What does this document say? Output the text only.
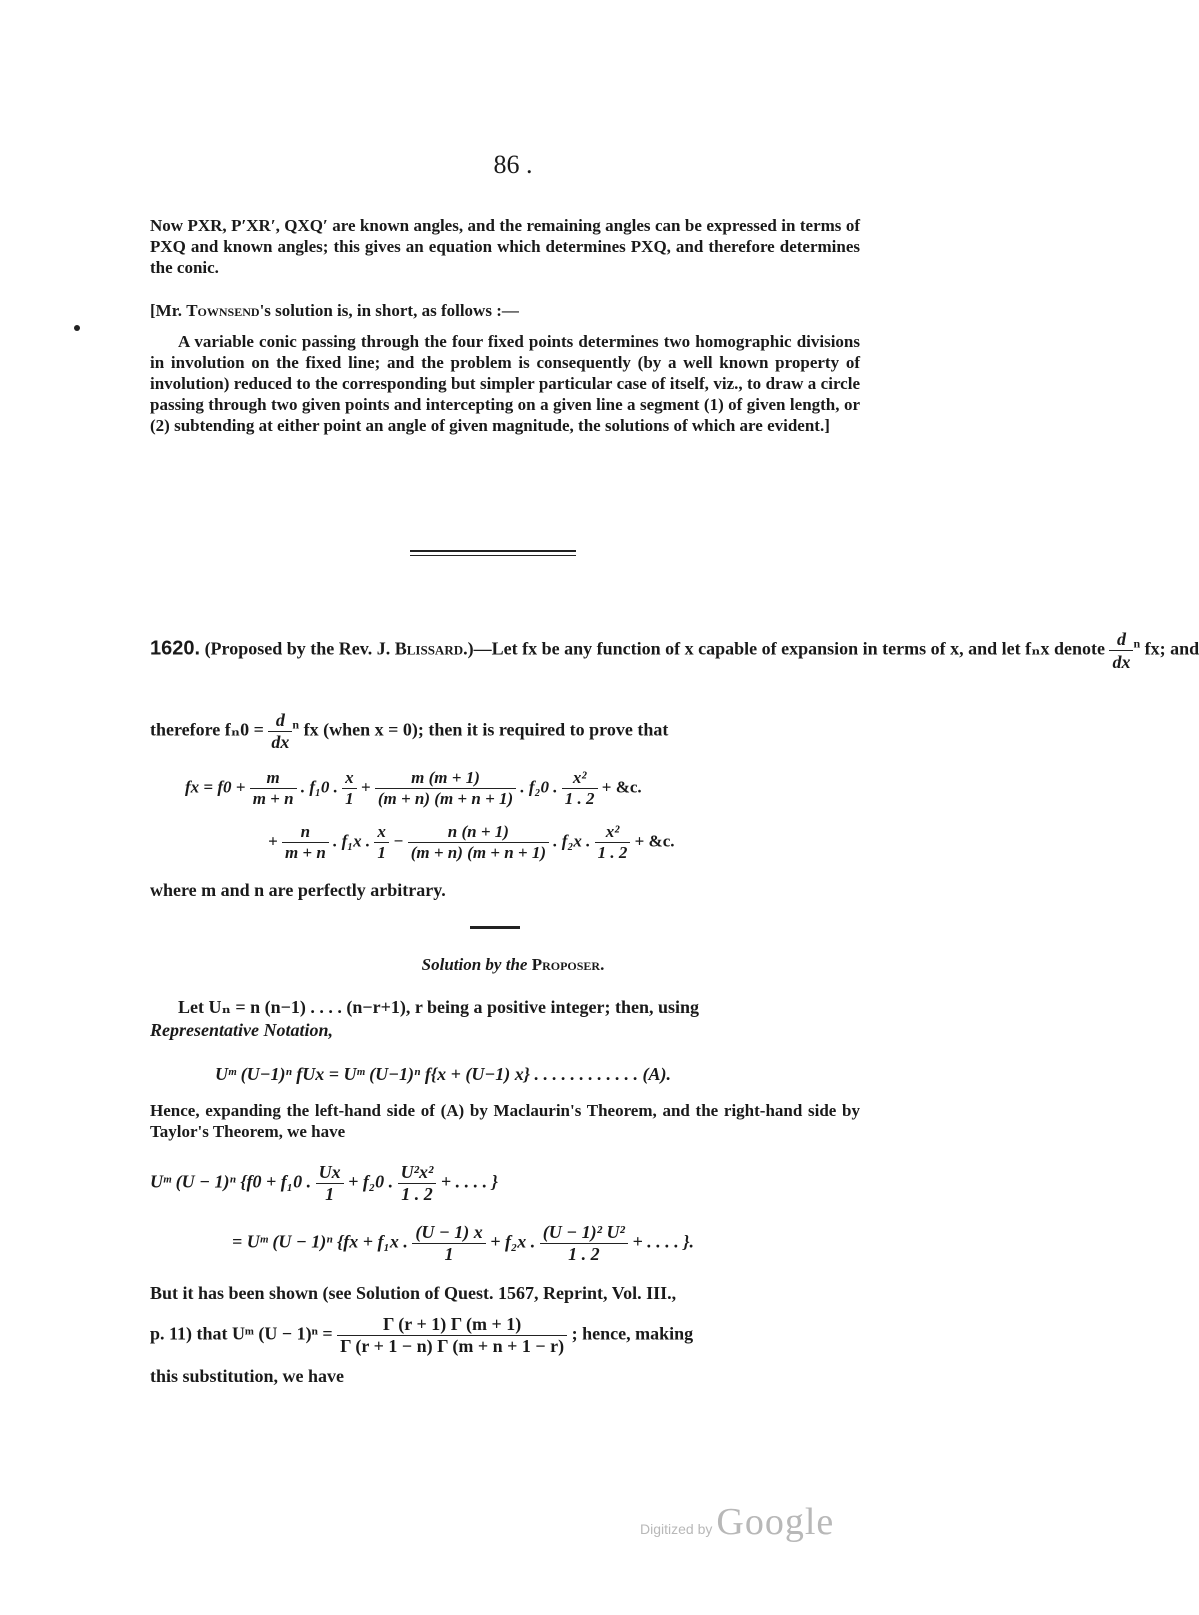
86 .
Now PXR, P′XR′, QXQ′ are known angles, and the remaining angles can be expressed in terms of PXQ and known angles; this gives an equation which determines PXQ, and therefore determines the conic.
[Mr. Townsend's solution is, in short, as follows :—
A variable conic passing through the four fixed points determines two homographic divisions in involution on the fixed line; and the problem is consequently (by a well known property of involution) reduced to the corresponding but simpler particular case of itself, viz., to draw a circle passing through two given points and intercepting on a given line a segment (1) of given length, or (2) subtending at either point an angle of given magnitude, the solutions of which are evident.]
1620. (Proposed by the Rev. J. Blissard.)—Let fx be any function of x capable of expansion in terms of x, and let fₙx denote $\frac{d}{dx} ^n$ fx; and
therefore $f_n0 = \frac{d}{dx} ^n$ fx (when x = 0); then it is required to prove that
fx = $f0 + \frac{m}{m + n}$ . f₁0 . $\frac{x}{1} + \frac{m (m + 1)}{(m + n) (m + n + 1)}$ . f₂0 . $\frac{\text{x²}}{1 . 2}$ + &c.
+ $\frac{n}{m + n}$ . f₁x . $\frac{x}{1} - \frac{n (n + 1)}{(m + n) (m + n + 1)}$ . f₂x . $\frac{\text{x²}}{1 . 2}$ + &c.
where m and n are perfectly arbitrary.
Solution by the Proposer.
Let Uₙ = n (n−1) . . . . (n−r+1), r being a positive integer; then, using
Representative Notation,
Uᵐ (U−1)ⁿ fUx = Uᵐ (U−1)ⁿ f{x + (U−1) x} . . . . . . . . . . . . (A).
Hence, expanding the left-hand side of (A) by Maclaurin's Theorem, and the right-hand side by Taylor's Theorem, we have
Uᵐ (U − 1)ⁿ {f0 + f₁0 . $\frac{Ux}{1} + f_20$ . $\frac{\text{U²x²}}{1 . 2}$ + . . . . }
= Uᵐ (U − 1)ⁿ {fx + f₁x . $\frac{(U - 1) x}{1} + f_2x$ . $\frac{\text{(U − 1)² U²}}{1 . 2}$ + . . . . }.
But it has been shown (see Solution of Quest. 1567, Reprint, Vol. III.,
p. 11) that Uᵐ $(U - 1)^n = \frac{\Gamma (r + 1) \Gamma (m + 1)}{\Gamma (r + 1 - n) \Gamma (m + n + 1 - r)}$ ; hence, making
this substitution, we have
Digitized by Google
